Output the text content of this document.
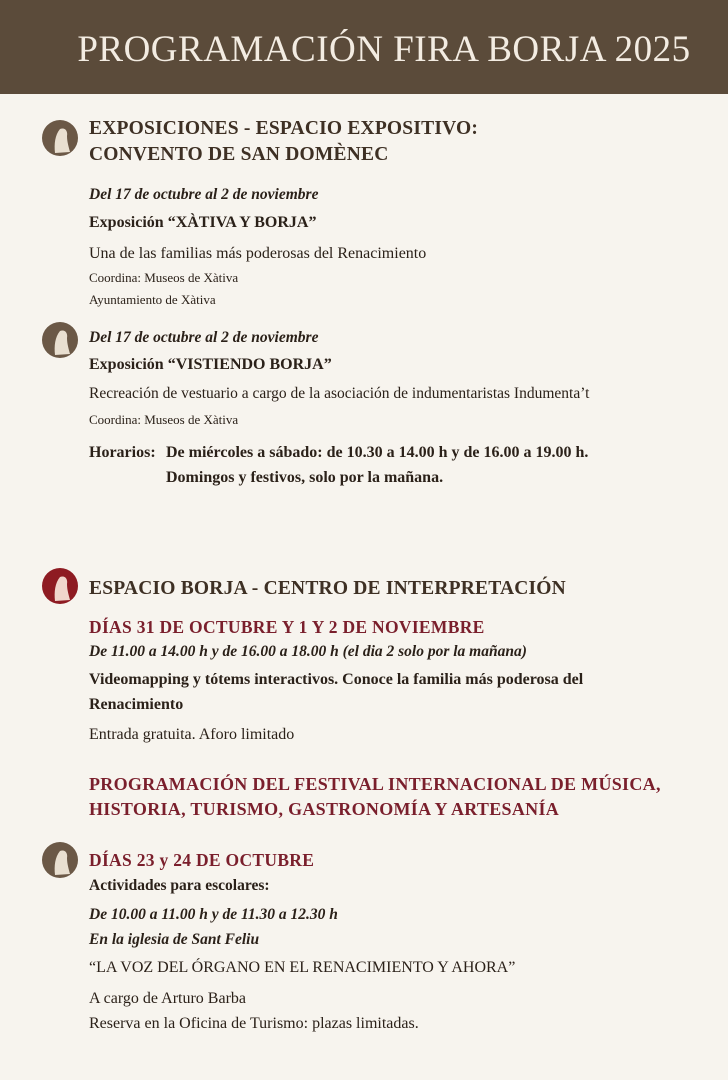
PROGRAMACIÓN FIRA BORJA 2025
EXPOSICIONES - ESPACIO EXPOSITIVO:
CONVENTO DE SAN DOMÈNEC
Del 17 de octubre al 2 de noviembre
Exposición “XÀTIVA Y BORJA”
Una de las familias más poderosas del Renacimiento
Coordina: Museos de Xàtiva
Ayuntamiento de Xàtiva
Del 17 de octubre al 2 de noviembre
Exposición “VISTIENDO BORJA”
Recreación de vestuario a cargo de la asociación de indumentaristas Indumenta’t
Coordina: Museos de Xàtiva
Horarios: De miércoles a sábado: de 10.30 a 14.00 h y de 16.00 a 19.00 h.
Domingos y festivos, solo por la mañana.
ESPACIO BORJA - CENTRO DE INTERPRETACIÓN
DÍAS 31 DE OCTUBRE Y 1 Y 2 DE NOVIEMBRE
De 11.00 a 14.00 h y de 16.00 a 18.00 h (el dia 2 solo por la mañana)
Videomapping y tótems interactivos. Conoce la familia más poderosa del
Renacimiento
Entrada gratuita. Aforo limitado
PROGRAMACIÓN DEL FESTIVAL INTERNACIONAL DE MÚSICA,
HISTORIA, TURISMO, GASTRONOMÍA Y ARTESANÍA
DÍAS 23 y 24 DE OCTUBRE
Actividades para escolares:
De 10.00 a 11.00 h y de 11.30 a 12.30 h
En la iglesia de Sant Feliu
“LA VOZ DEL ÓRGANO EN EL RENACIMIENTO Y AHORA”
A cargo de Arturo Barba
Reserva en la Oficina de Turismo: plazas limitadas.
